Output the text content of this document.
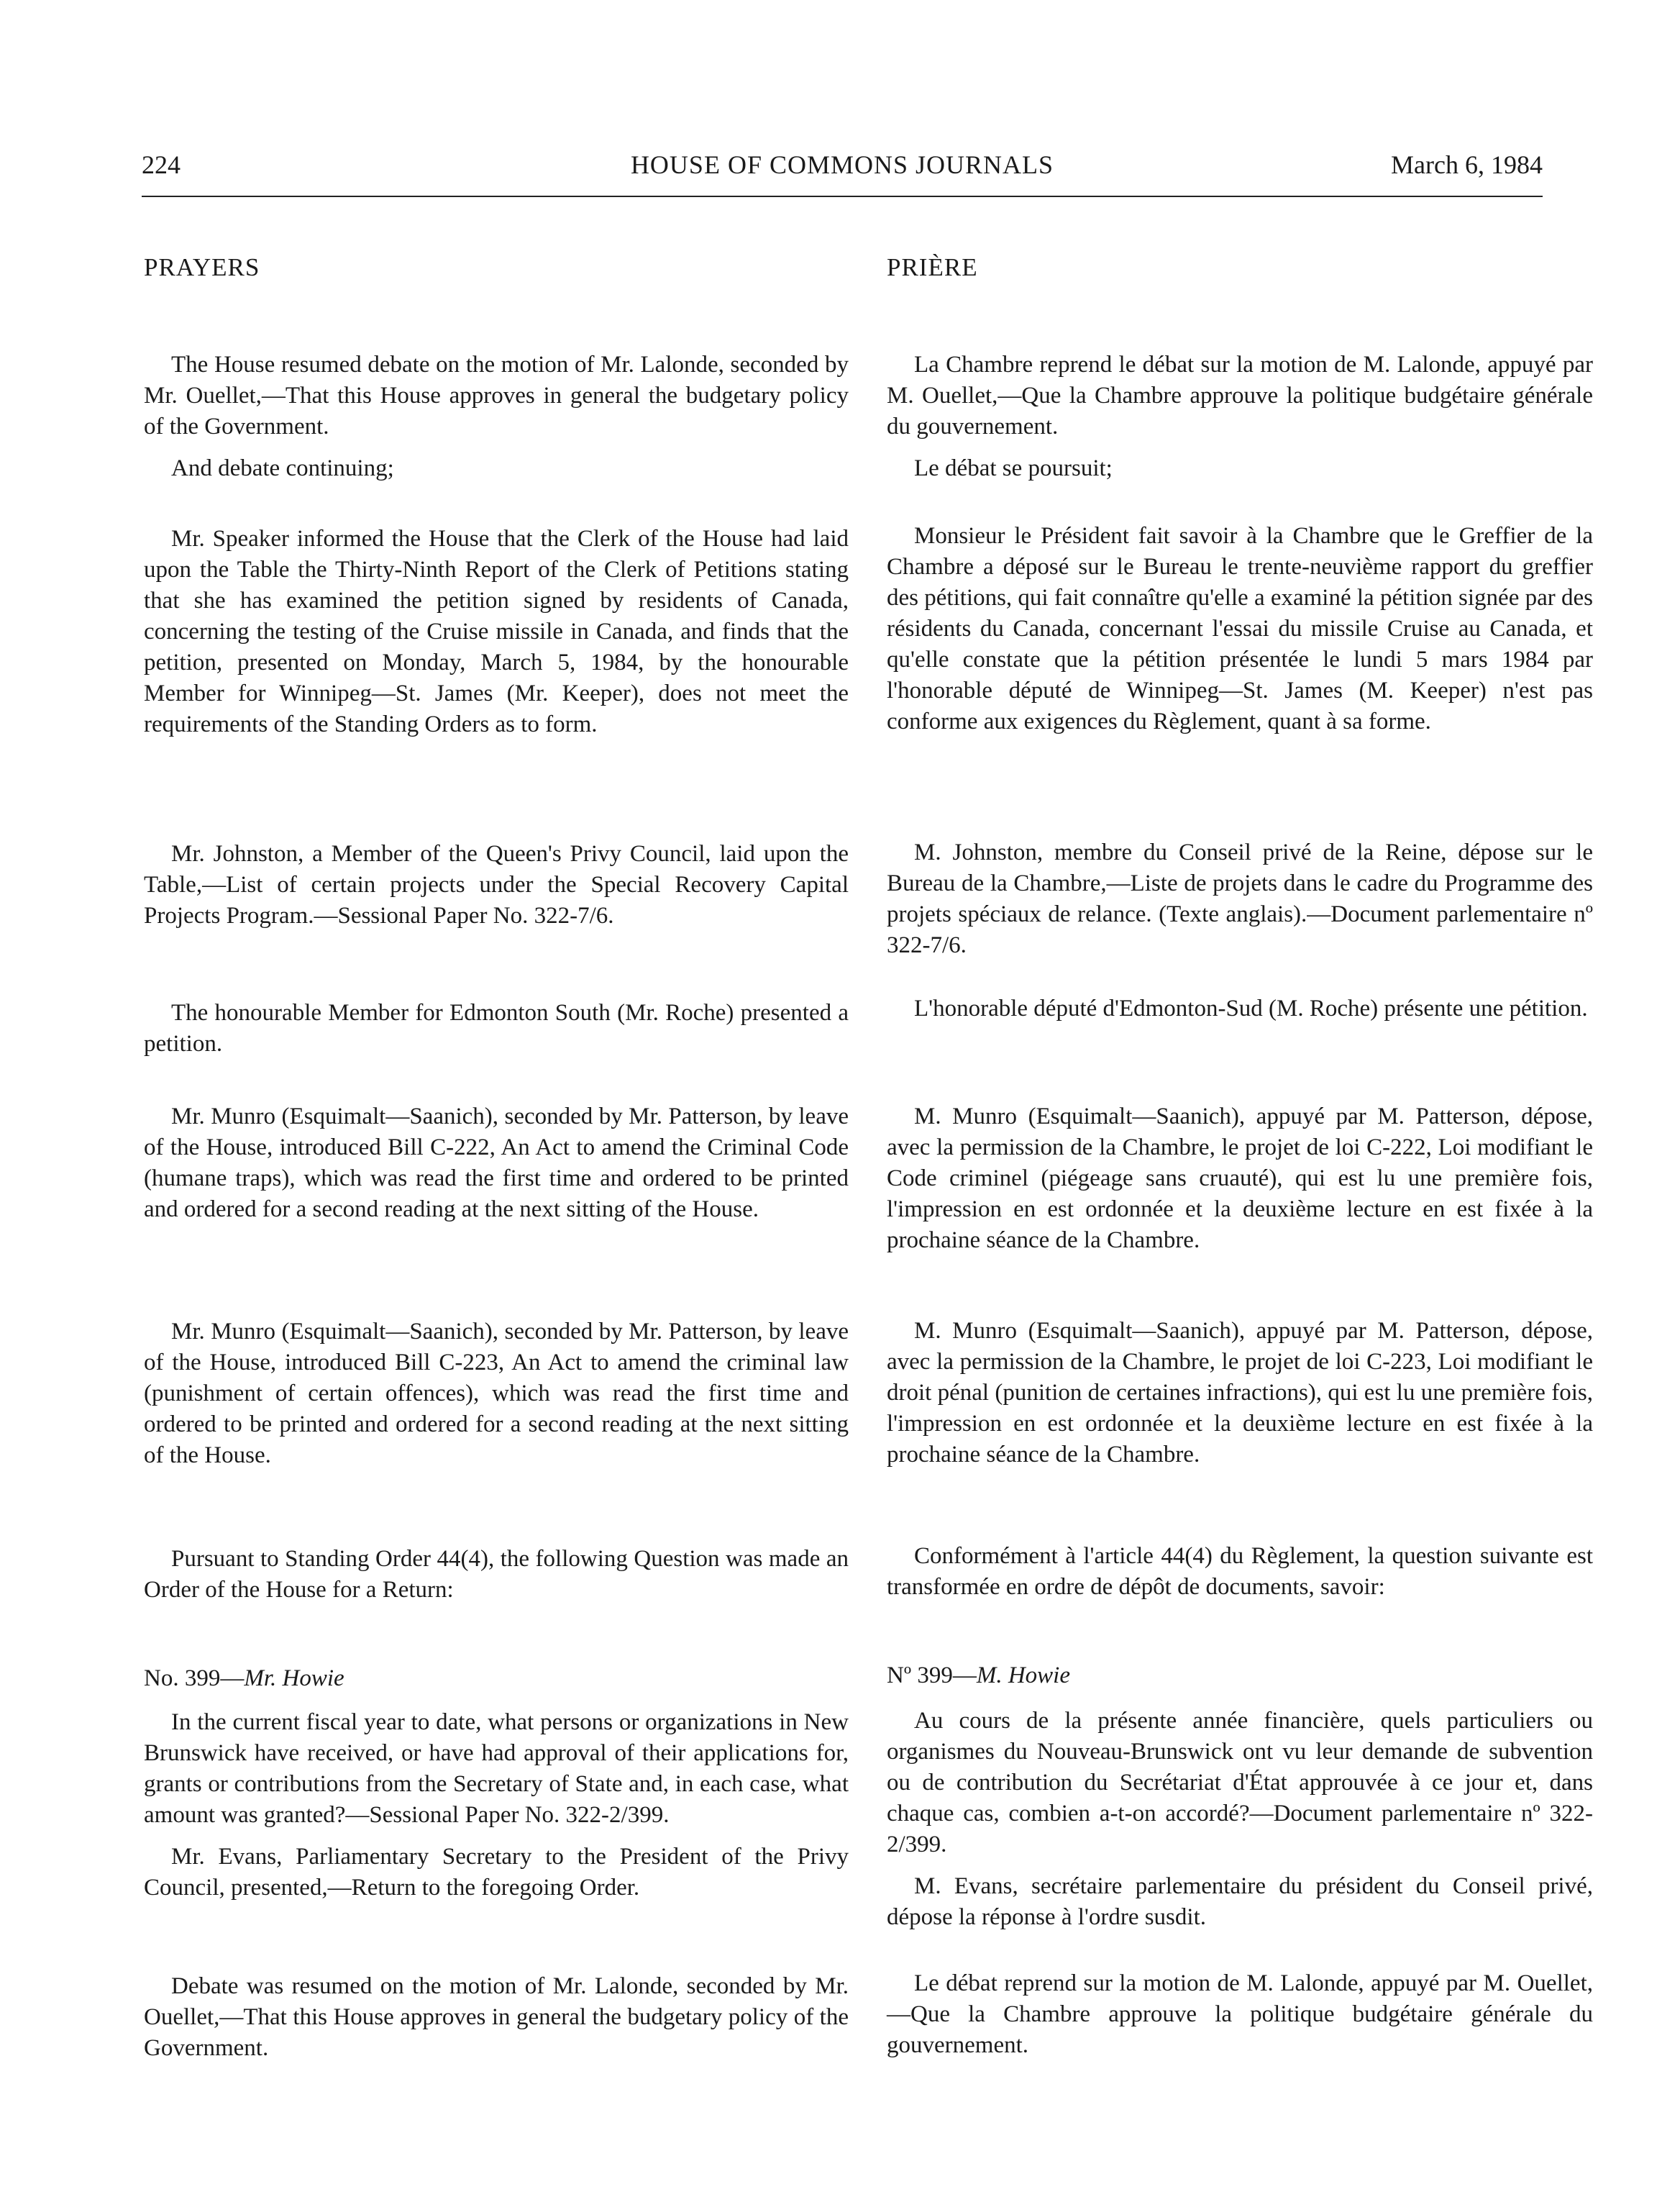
224	HOUSE OF COMMONS JOURNALS	March 6, 1984
PRAYERS

The House resumed debate on the motion of Mr. Lalonde, seconded by Mr. Ouellet,—That this House approves in general the budgetary policy of the Government.

And debate continuing;

Mr. Speaker informed the House that the Clerk of the House had laid upon the Table the Thirty-Ninth Report of the Clerk of Petitions stating that she has examined the petition signed by residents of Canada, concerning the testing of the Cruise missile in Canada, and finds that the petition, presented on Monday, March 5, 1984, by the honourable Member for Winnipeg—St. James (Mr. Keeper), does not meet the requirements of the Standing Orders as to form.

Mr. Johnston, a Member of the Queen's Privy Council, laid upon the Table,—List of certain projects under the Special Recovery Capital Projects Program.—Sessional Paper No. 322-7/6.

The honourable Member for Edmonton South (Mr. Roche) presented a petition.

Mr. Munro (Esquimalt—Saanich), seconded by Mr. Patterson, by leave of the House, introduced Bill C-222, An Act to amend the Criminal Code (humane traps), which was read the first time and ordered to be printed and ordered for a second reading at the next sitting of the House.

Mr. Munro (Esquimalt—Saanich), seconded by Mr. Patterson, by leave of the House, introduced Bill C-223, An Act to amend the criminal law (punishment of certain offences), which was read the first time and ordered to be printed and ordered for a second reading at the next sitting of the House.

Pursuant to Standing Order 44(4), the following Question was made an Order of the House for a Return:

No. 399—Mr. Howie

In the current fiscal year to date, what persons or organizations in New Brunswick have received, or have had approval of their applications for, grants or contributions from the Secretary of State and, in each case, what amount was granted?—Sessional Paper No. 322-2/399.

Mr. Evans, Parliamentary Secretary to the President of the Privy Council, presented,—Return to the foregoing Order.

Debate was resumed on the motion of Mr. Lalonde, seconded by Mr. Ouellet,—That this House approves in general the budgetary policy of the Government.

PRIÈRE

La Chambre reprend le débat sur la motion de M. Lalonde, appuyé par M. Ouellet,—Que la Chambre approuve la politique budgétaire générale du gouvernement.

Le débat se poursuit;

Monsieur le Président fait savoir à la Chambre que le Greffier de la Chambre a déposé sur le Bureau le trente-neuvième rapport du greffier des pétitions, qui fait connaître qu'elle a examiné la pétition signée par des résidents du Canada, concernant l'essai du missile Cruise au Canada, et qu'elle constate que la pétition présentée le lundi 5 mars 1984 par l'honorable député de Winnipeg—St. James (M. Keeper) n'est pas conforme aux exigences du Règlement, quant à sa forme.

M. Johnston, membre du Conseil privé de la Reine, dépose sur le Bureau de la Chambre,—Liste de projets dans le cadre du Programme des projets spéciaux de relance. (Texte anglais).—Document parlementaire nº 322-7/6.

L'honorable député d'Edmonton-Sud (M. Roche) présente une pétition.

M. Munro (Esquimalt—Saanich), appuyé par M. Patterson, dépose, avec la permission de la Chambre, le projet de loi C-222, Loi modifiant le Code criminel (piégeage sans cruauté), qui est lu une première fois, l'impression en est ordonnée et la deuxième lecture en est fixée à la prochaine séance de la Chambre.

M. Munro (Esquimalt—Saanich), appuyé par M. Patterson, dépose, avec la permission de la Chambre, le projet de loi C-223, Loi modifiant le droit pénal (punition de certaines infractions), qui est lu une première fois, l'impression en est ordonnée et la deuxième lecture en est fixée à la prochaine séance de la Chambre.

Conformément à l'article 44(4) du Règlement, la question suivante est transformée en ordre de dépôt de documents, savoir:

Nº 399—M. Howie

Au cours de la présente année financière, quels particuliers ou organismes du Nouveau-Brunswick ont vu leur demande de subvention ou de contribution du Secrétariat d'État approuvée à ce jour et, dans chaque cas, combien a-t-on accordé?—Document parlementaire nº 322-2/399.

M. Evans, secrétaire parlementaire du président du Conseil privé, dépose la réponse à l'ordre susdit.

Le débat reprend sur la motion de M. Lalonde, appuyé par M. Ouellet,—Que la Chambre approuve la politique budgétaire générale du gouvernement.
